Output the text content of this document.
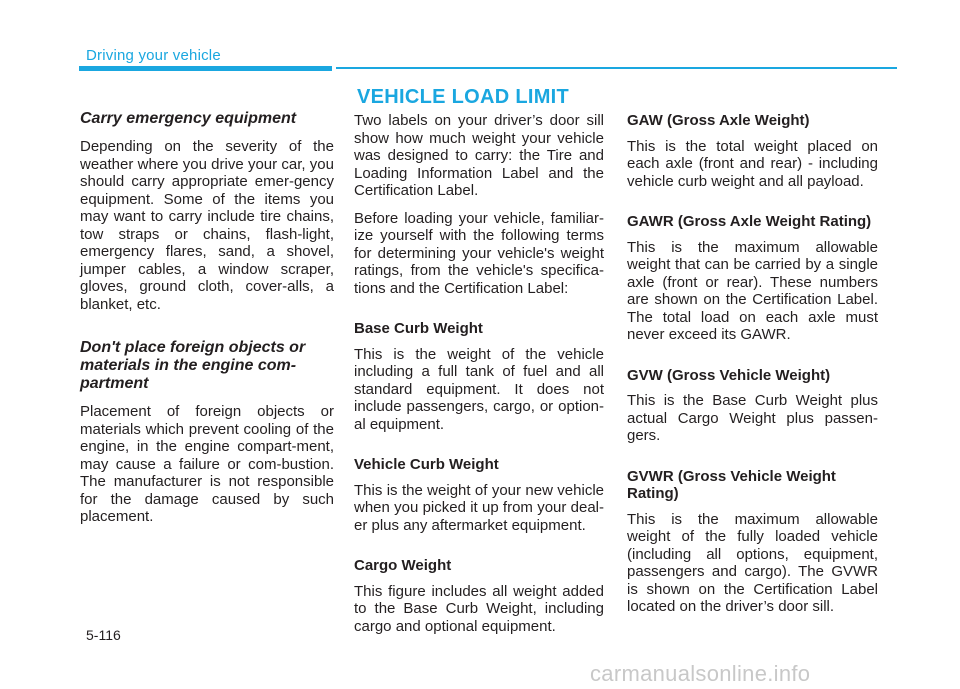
Driving your vehicle
VEHICLE LOAD LIMIT
Carry emergency equipment

Depending on the severity of the weather where you drive your car, you should carry appropriate emer-gency equipment. Some of the items you may want to carry include tire chains, tow straps or chains, flash-light, emergency flares, sand, a shovel, jumper cables, a window scraper, gloves, ground cloth, cover-alls, a blanket, etc.

Don't place foreign objects or materials in the engine com-partment

Placement of foreign objects or materials which prevent cooling of the engine, in the engine compart-ment, may cause a failure or com-bustion. The manufacturer is not responsible for the damage caused by such placement.

Two labels on your driver’s door sill show how much weight your vehicle was designed to carry: the Tire and Loading Information Label and the Certification Label.

Before loading your vehicle, familiar-ize yourself with the following terms for determining your vehicle's weight ratings, from the vehicle's specifica-tions and the Certification Label:

Base Curb Weight

This is the weight of the vehicle including a full tank of fuel and all standard equipment. It does not include passengers, cargo, or option-al equipment.

Vehicle Curb Weight

This is the weight of your new vehicle when you picked it up from your deal-er plus any aftermarket equipment.

Cargo Weight

This figure includes all weight added to the Base Curb Weight, including cargo and optional equipment.

GAW (Gross Axle Weight)

This is the total weight placed on each axle (front and rear) - including vehicle curb weight and all payload.

GAWR (Gross Axle Weight Rating)

This is the maximum allowable weight that can be carried by a single axle (front or rear). These numbers are shown on the Certification Label. The total load on each axle must never exceed its GAWR.

GVW (Gross Vehicle Weight)

This is the Base Curb Weight plus actual Cargo Weight plus passen-gers.

GVWR (Gross Vehicle Weight Rating)

This is the maximum allowable weight of the fully loaded vehicle (including all options, equipment, passengers and cargo). The GVWR is shown on the Certification Label located on the driver’s door sill.

5-116
carmanualsonline.info
